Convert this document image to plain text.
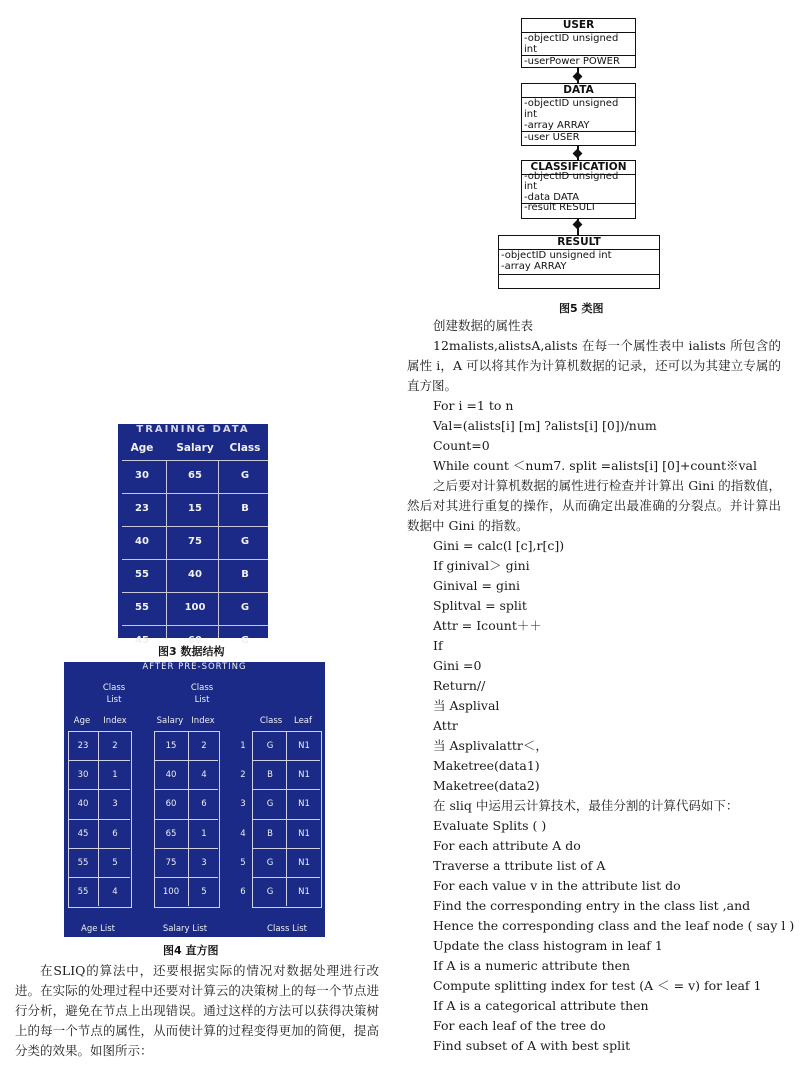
USER
-objectID unsigned
int
-userPower POWER
DATA
-objectID unsigned
int
-array ARRAY
-user USER
CLASSIFICATION
-objectID unsigned
int
-data DATA
-result RESULT
RESULT
-objectID unsigned int
-array ARRAY
图5 类图
TRAINING DATA
Age	Salary	Class
30	65	G
23	15	B
40	75	G
55	40	B
55	100	G
45	60	G
图3 数据结构
AFTER PRE-SORTING
Class
List
Age	Index
Class
List
Salary Index	Class	Leaf
23	2	15	2	1	G	N1
30	1	40	4	2	B	N1
40	3	60	6	3	G	N1
45	6	65	1	4	B	N1
55	5	75	3	5	G	N1
55	4	100	5	6	G	N1
Age List	Salary List	Class List
图4 直方图
在SLIQ的算法中，还要根据实际的情况对数据处理进行改进。在实际的处理过程中还要对计算云的决策树上的每一个节点进行分析，避免在节点上出现错误。通过这样的方法可以获得决策树上的每一个节点的属性，从而使计算的过程变得更加的简便，提高分类的效果。如图所示：
创建数据的属性表
12malists,alistsA,alists 在每一个属性表中 ialists 所包含的属性 i，A 可以将其作为计算机数据的记录，还可以为其建立专属的直方图。
For i =1 to n
Val=(alists[i] [m] ?alists[i] [0])/num
Count=0
While count ＜num7. split =alists[i] [0]+count※val
之后要对计算机数据的属性进行检查并计算出 Gini 的指数值，然后对其进行重复的操作，从而确定出最准确的分裂点。并计算出数据中 Gini 的指数。
Gini = calc(l [c],r[c])
If ginival＞ gini
Ginival = gini
Splitval = split
Attr = Icount＋＋
If
Gini =0
Return//
当 Asplival
Attr
当 Asplivalattr＜，
Maketree(data1)
Maketree(data2)
在 sliq 中运用云计算技术，最佳分割的计算代码如下：
Evaluate Splits ( )
For each attribute A do
Traverse a ttribute list of A
For each value v in the attribute list do
Find the corresponding entry in the class list ,and
Hence the corresponding class and the leaf node ( say l )
Update the class histogram in leaf 1
If A is a numeric attribute then
Compute splitting index for test (A ＜ = v) for leaf 1
If A is a categorical attribute then
For each leaf of the tree do
Find subset of A with best split
